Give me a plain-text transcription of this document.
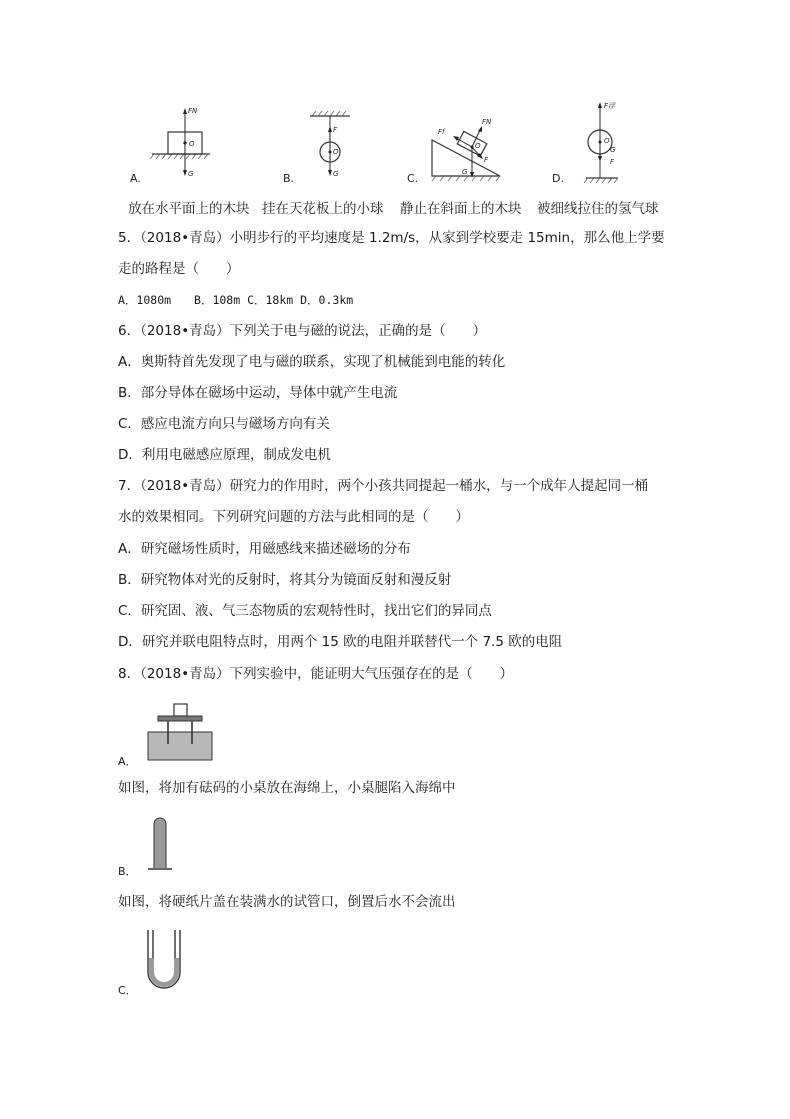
FN
O
G
A.
F
O
G
B.
Ff
FN
O
F
G
C.
F浮
O
G
F
D.
放在水平面上的木块 挂在天花板上的小球 静止在斜面上的木块 被细线拉住的氢气球
5．（2018•青岛）小明步行的平均速度是 1.2m/s，从家到学校要走 15min，那么他上学要
走的路程是（　　）
A．1080m　　B．108m C．18km D．0.3km
6．（2018•青岛）下列关于电与磁的说法，正确的是（　　）
A．奥斯特首先发现了电与磁的联系，实现了机械能到电能的转化
B．部分导体在磁场中运动，导体中就产生电流
C．感应电流方向只与磁场方向有关
D．利用电磁感应原理，制成发电机
7．（2018•青岛）研究力的作用时，两个小孩共同提起一桶水，与一个成年人提起同一桶
水的效果相同。下列研究问题的方法与此相同的是（　　）
A．研究磁场性质时，用磁感线来描述磁场的分布
B．研究物体对光的反射时，将其分为镜面反射和漫反射
C．研究固、液、气三态物质的宏观特性时，找出它们的异同点
D．研究并联电阻特点时，用两个 15 欧的电阻并联替代一个 7.5 欧的电阻
8．（2018•青岛）下列实验中，能证明大气压强存在的是（　　）
A．
如图，将加有砝码的小桌放在海绵上，小桌腿陷入海绵中
B．
如图，将硬纸片盖在装满水的试管口，倒置后水不会流出
C．
